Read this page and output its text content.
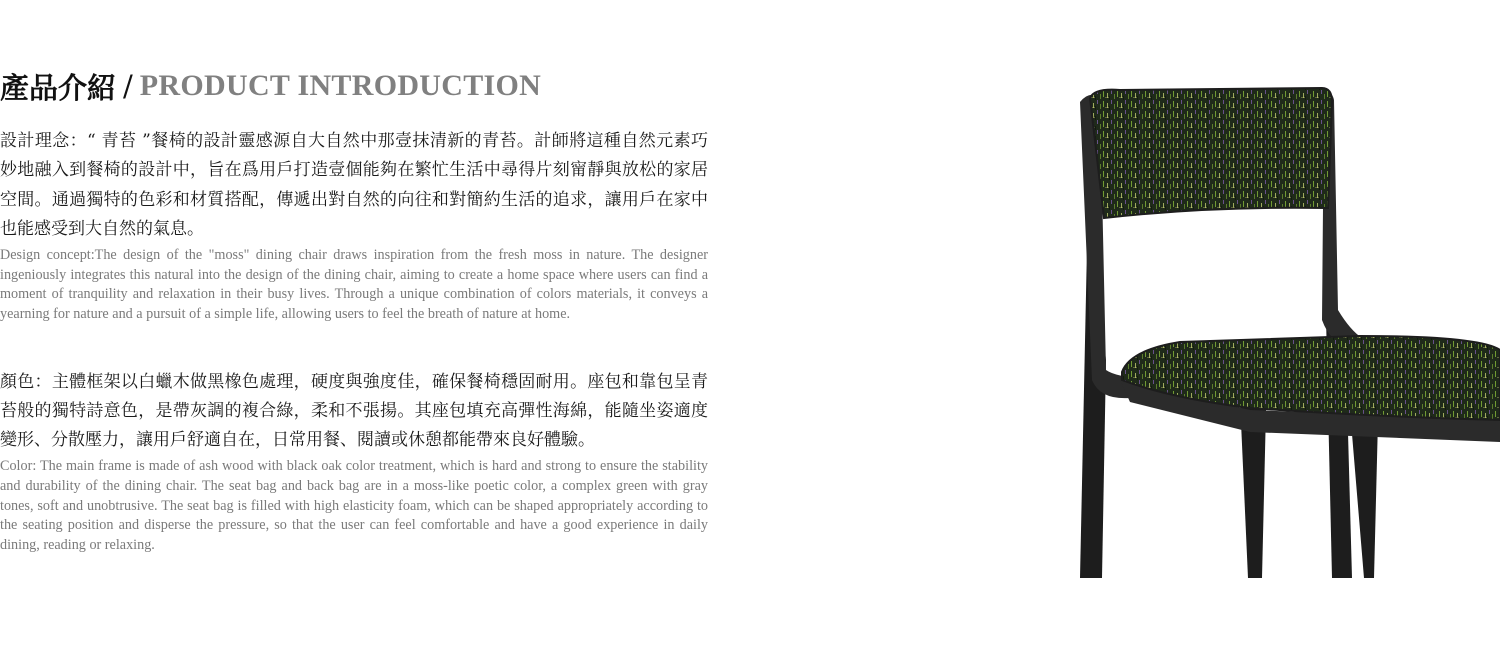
產品介紹 / PRODUCT INTRODUCTION

設計理念：“ 青苔 ”餐椅的設計靈感源自大自然中那壹抹清新的青苔。計師將這種自然元素巧妙地融入到餐椅的設計中，旨在爲用戶打造壹個能夠在繁忙生活中尋得片刻甯靜與放松的家居空間。通過獨特的色彩和材質搭配，傳遞出對自然的向往和對簡約生活的追求，讓用戶在家中也能感受到大自然的氣息。

Design concept:The design of the "moss" dining chair draws inspiration from the fresh moss in nature. The designer ingeniously integrates this natural into the design of the dining chair, aiming to create a home space where users can find a moment of tranquility and relaxation in their busy lives. Through a unique combination of colors materials, it conveys a yearning for nature and a pursuit of a simple life, allowing users to feel the breath of nature at home.

顏色：主體框架以白蠟木做黑橡色處理，硬度與強度佳，確保餐椅穩固耐用。座包和靠包呈青苔般的獨特詩意色，是帶灰調的複合綠，柔和不張揚。其座包填充高彈性海綿，能隨坐姿適度變形、分散壓力，讓用戶舒適自在，日常用餐、閱讀或休憩都能帶來良好體驗。

Color: The main frame is made of ash wood with black oak color treatment, which is hard and strong to ensure the stability and durability of the dining chair. The seat bag and back bag are in a moss-like poetic color, a complex green with gray tones, soft and unobtrusive. The seat bag is filled with high elasticity foam, which can be shaped appropriately according to the seating position and disperse the pressure, so that the user can feel comfortable and have a good experience in daily dining, reading or relaxing.
